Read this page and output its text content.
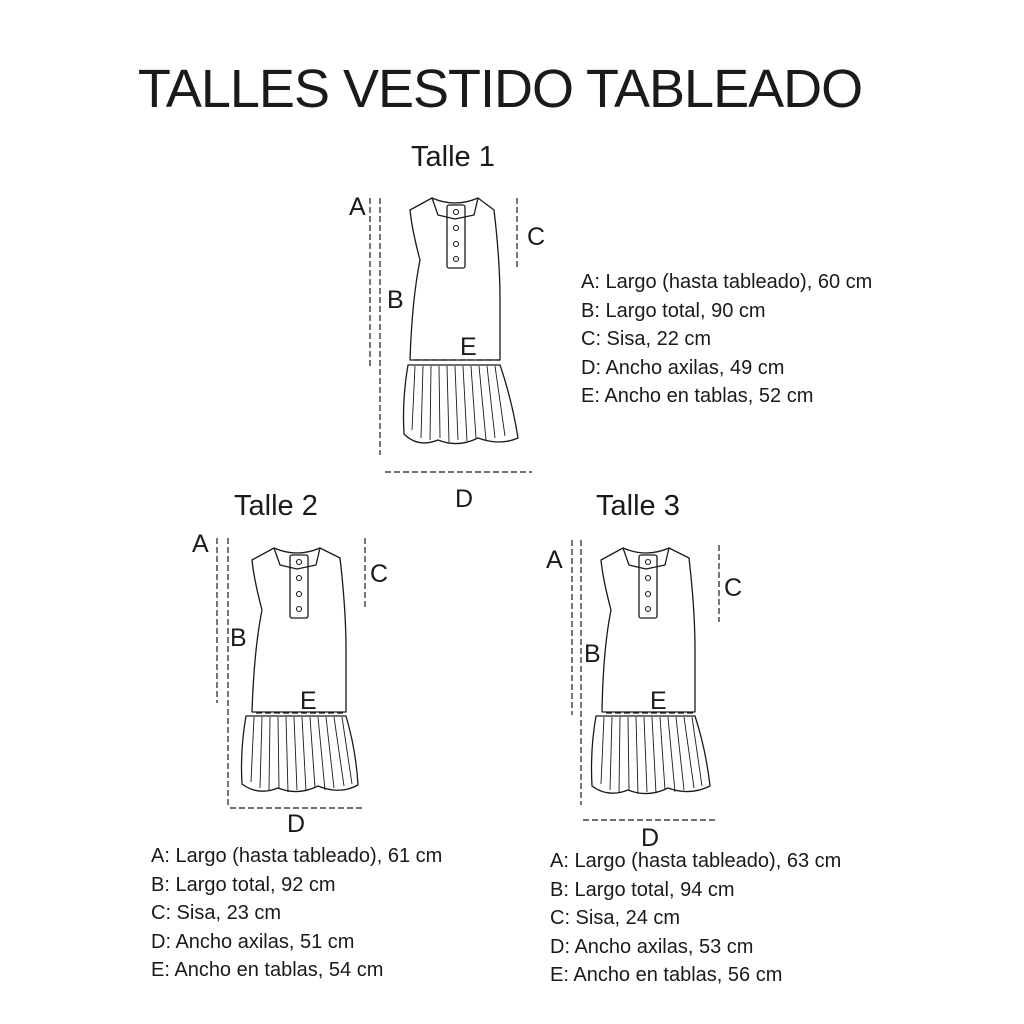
TALLES VESTIDO TABLEADO
Talle 1
A
B
C
D
E
A: Largo (hasta tableado), 60 cm
B: Largo total, 90 cm
C: Sisa, 22 cm
D: Ancho axilas, 49 cm
E: Ancho en tablas, 52 cm
Talle 2
A
B
C
D
E
A: Largo (hasta tableado), 61 cm
B: Largo total, 92 cm
C: Sisa, 23 cm
D: Ancho axilas, 51 cm
E: Ancho en tablas, 54 cm
Talle 3
A
B
C
D
E
A: Largo (hasta tableado), 63 cm
B: Largo total, 94 cm
C: Sisa, 24 cm
D: Ancho axilas, 53 cm
E: Ancho en tablas, 56 cm
